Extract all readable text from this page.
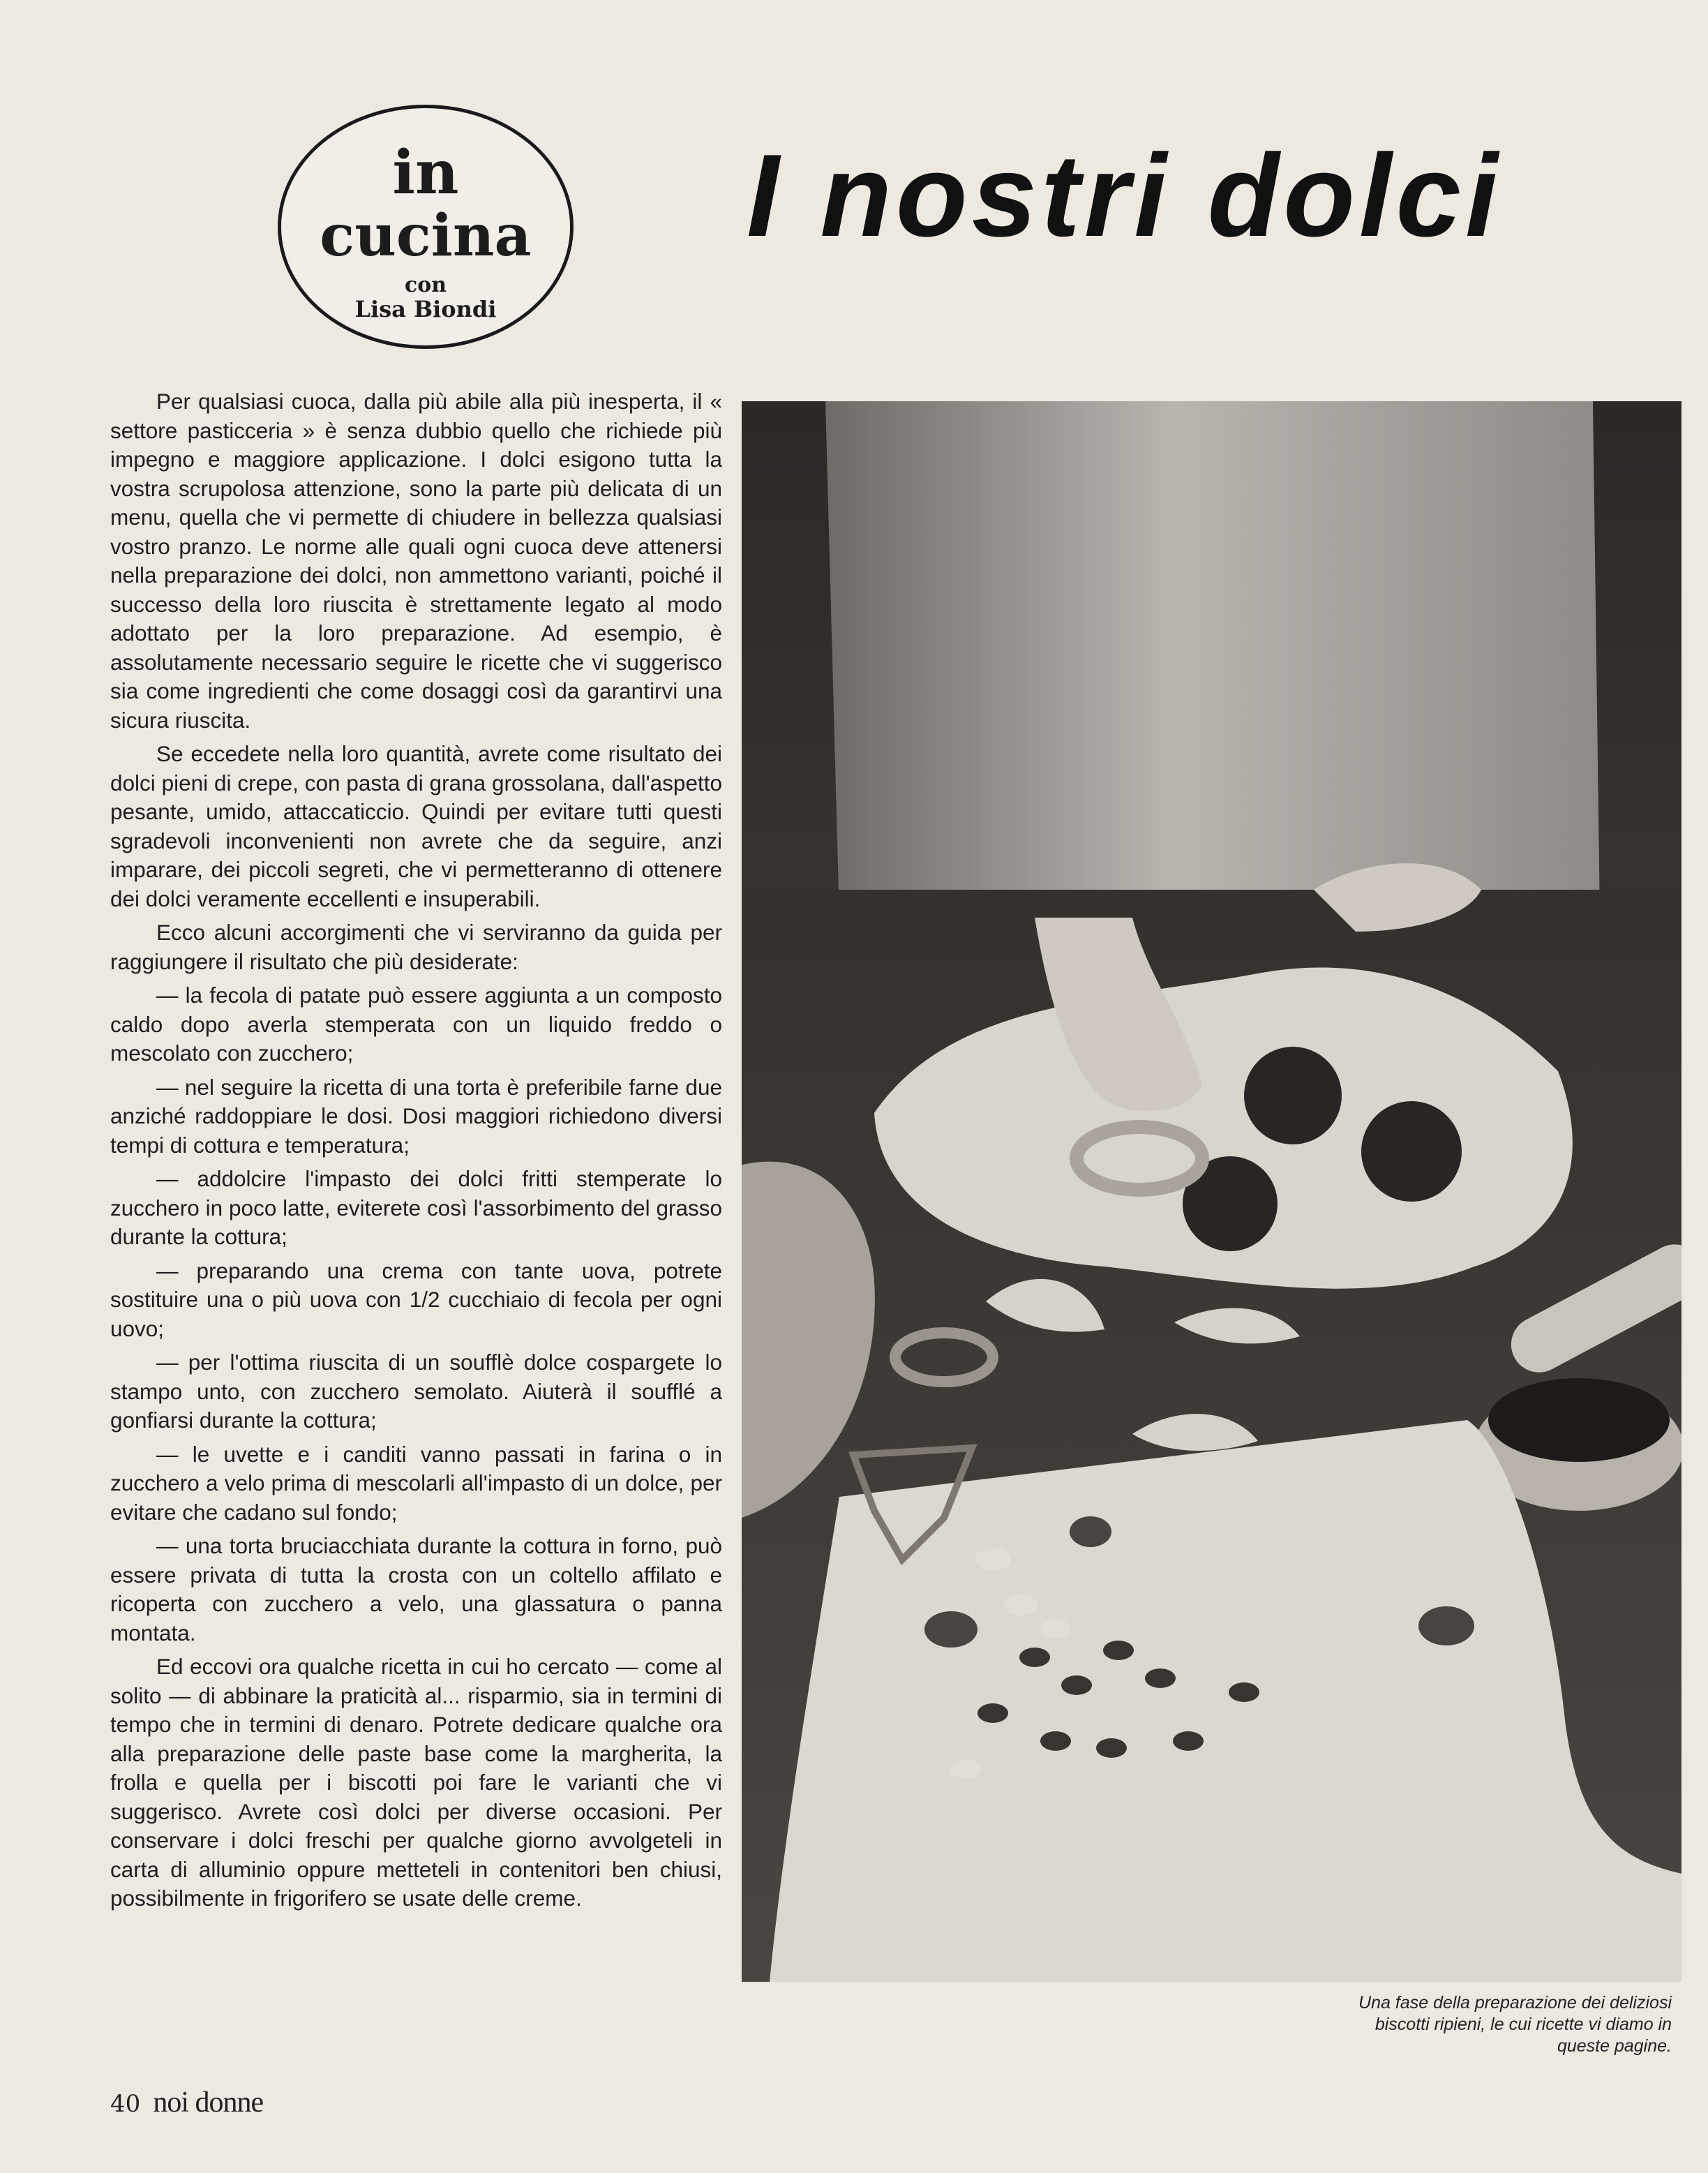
in
cucina
con
Lisa Biondi
I nostri dolci

Per qualsiasi cuoca, dalla più abile alla più inesperta, il « settore pasticceria » è senza dubbio quello che richiede più impegno e maggiore applicazione. I dolci esigono tutta la vostra scrupolosa attenzione, sono la parte più delicata di un menu, quella che vi permette di chiudere in bellezza qualsiasi vostro pranzo. Le norme alle quali ogni cuoca deve attenersi nella preparazione dei dolci, non ammettono varianti, poiché il successo della loro riuscita è strettamente legato al modo adottato per la loro preparazione. Ad esempio, è assolutamente necessario seguire le ricette che vi suggerisco sia come ingredienti che come dosaggi così da garantirvi una sicura riuscita.

Se eccedete nella loro quantità, avrete come risultato dei dolci pieni di crepe, con pasta di grana grossolana, dall'aspetto pesante, umido, attaccaticcio. Quindi per evitare tutti questi sgradevoli inconvenienti non avrete che da seguire, anzi imparare, dei piccoli segreti, che vi permetteranno di ottenere dei dolci veramente eccellenti e insuperabili.

Ecco alcuni accorgimenti che vi serviranno da guida per raggiungere il risultato che più desiderate:

— la fecola di patate può essere aggiunta a un composto caldo dopo averla stemperata con un liquido freddo o mescolato con zucchero;

— nel seguire la ricetta di una torta è preferibile farne due anziché raddoppiare le dosi. Dosi maggiori richiedono diversi tempi di cottura e temperatura;

— addolcire l'impasto dei dolci fritti stemperate lo zucchero in poco latte, eviterete così l'assorbimento del grasso durante la cottura;

— preparando una crema con tante uova, potrete sostituire una o più uova con 1/2 cucchiaio di fecola per ogni uovo;

— per l'ottima riuscita di un soufflè dolce cospargete lo stampo unto, con zucchero semolato. Aiuterà il soufflé a gonfiarsi durante la cottura;

— le uvette e i canditi vanno passati in farina o in zucchero a velo prima di mescolarli all'impasto di un dolce, per evitare che cadano sul fondo;

— una torta bruciacchiata durante la cottura in forno, può essere privata di tutta la crosta con un coltello affilato e ricoperta con zucchero a velo, una glassatura o panna montata.

Ed eccovi ora qualche ricetta in cui ho cercato — come al solito — di abbinare la praticità al... risparmio, sia in termini di tempo che in termini di denaro. Potrete dedicare qualche ora alla preparazione delle paste base come la margherita, la frolla e quella per i biscotti poi fare le varianti che vi suggerisco. Avrete così dolci per diverse occasioni. Per conservare i dolci freschi per qualche giorno avvolgeteli in carta di alluminio oppure metteteli in contenitori ben chiusi, possibilmente in frigorifero se usate delle creme.

Una fase della preparazione dei deliziosi biscotti ripieni, le cui ricette vi diamo in queste pagine.
40 noi donne
